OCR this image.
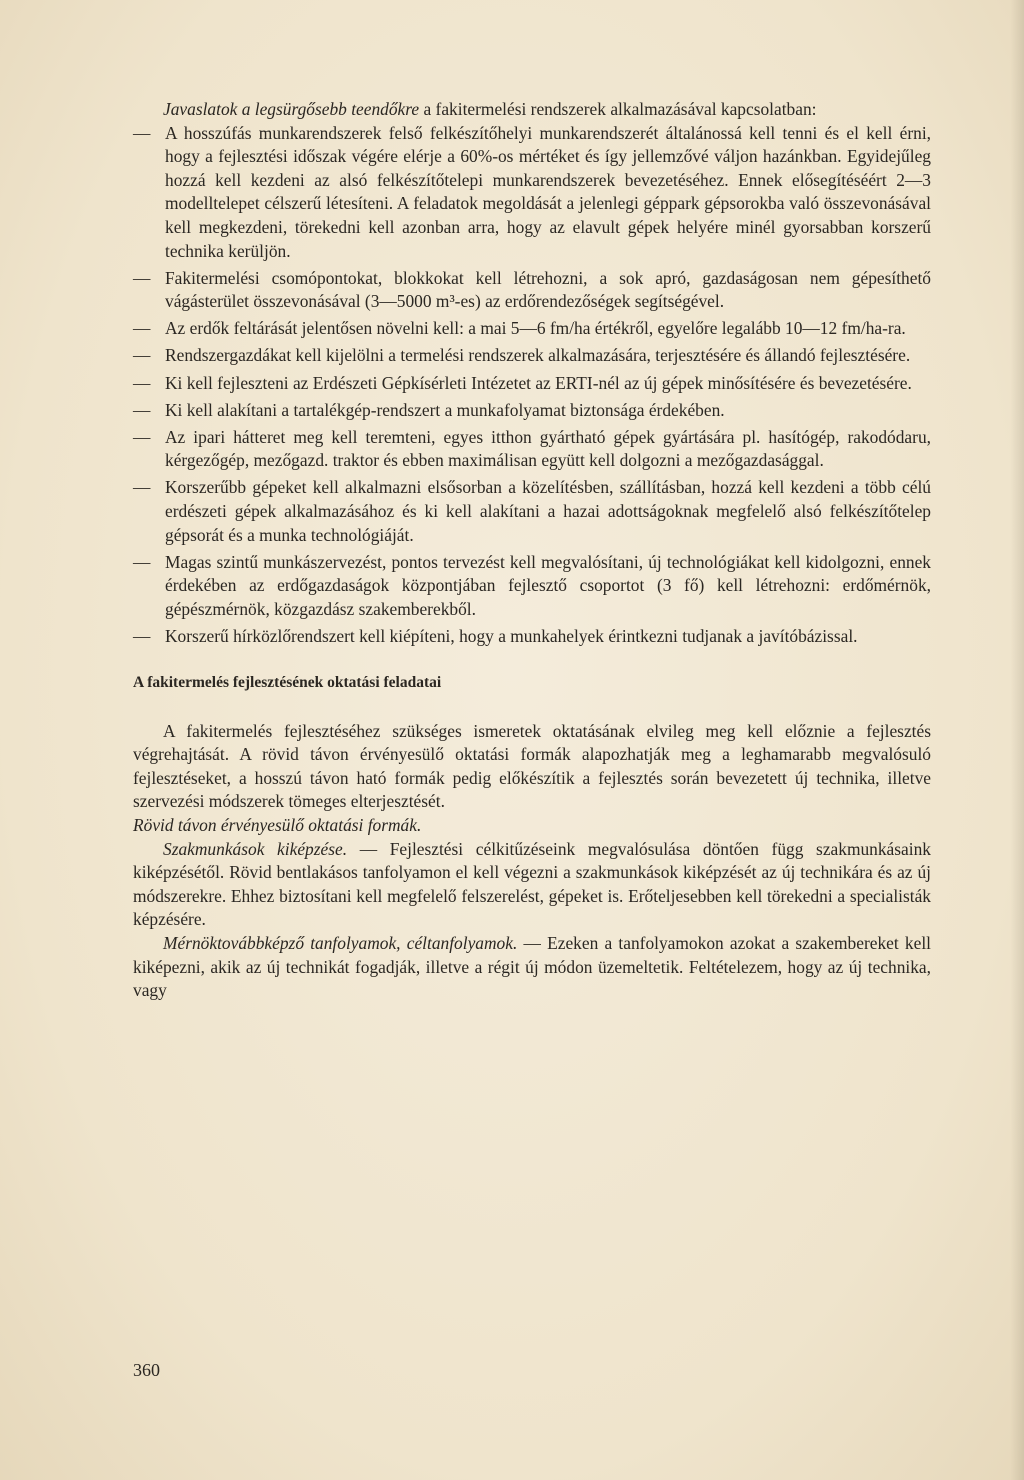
Javaslatok a legsürgősebb teendőkre a fakitermelési rendszerek alkalmazásával kapcsolatban:

— A hosszúfás munkarendszerek felső felkészítőhelyi munkarendszerét általánossá kell tenni és el kell érni, hogy a fejlesztési időszak végére elérje a 60%-os mértéket és így jellemzővé váljon hazánkban. Egyidejűleg hozzá kell kezdeni az alsó felkészítőtelepi munkarendszerek bevezetéséhez. Ennek elősegítéséért 2—3 modelltelepet célszerű létesíteni. A feladatok megoldását a jelenlegi géppark gépsorokba való összevonásával kell megkezdeni, törekedni kell azonban arra, hogy az elavult gépek helyére minél gyorsabban korszerű technika kerüljön.
— Fakitermelési csomópontokat, blokkokat kell létrehozni, a sok apró, gazdaságosan nem gépesíthető vágásterület összevonásával (3—5000 m³-es) az erdőrendezőségek segítségével.
— Az erdők feltárását jelentősen növelni kell: a mai 5—6 fm/ha értékről, egyelőre legalább 10—12 fm/ha-ra.
— Rendszergazdákat kell kijelölni a termelési rendszerek alkalmazására, terjesztésére és állandó fejlesztésére.
— Ki kell fejleszteni az Erdészeti Gépkísérleti Intézetet az ERTI-nél az új gépek minősítésére és bevezetésére.
— Ki kell alakítani a tartalékgép-rendszert a munkafolyamat biztonsága érdekében.
— Az ipari hátteret meg kell teremteni, egyes itthon gyártható gépek gyártására pl. hasítógép, rakodódaru, kérgezőgép, mezőgazd. traktor és ebben maximálisan együtt kell dolgozni a mezőgazdasággal.
— Korszerűbb gépeket kell alkalmazni elsősorban a közelítésben, szállításban, hozzá kell kezdeni a több célú erdészeti gépek alkalmazásához és ki kell alakítani a hazai adottságoknak megfelelő alsó felkészítőtelep gépsorát és a munka technológiáját.
— Magas szintű munkászervezést, pontos tervezést kell megvalósítani, új technológiákat kell kidolgozni, ennek érdekében az erdőgazdaságok központjában fejlesztő csoportot (3 fő) kell létrehozni: erdőmérnök, gépészmérnök, közgazdász szakemberekből.
— Korszerű hírközlőrendszert kell kiépíteni, hogy a munkahelyek érintkezni tudjanak a javítóbázissal.

A fakitermelés fejlesztésének oktatási feladatai

A fakitermelés fejlesztéséhez szükséges ismeretek oktatásának elvileg meg kell előznie a fejlesztés végrehajtását. A rövid távon érvényesülő oktatási formák alapozhatják meg a leghamarabb megvalósuló fejlesztéseket, a hosszú távon ható formák pedig előkészítik a fejlesztés során bevezetett új technika, illetve szervezési módszerek tömeges elterjesztését.

Rövid távon érvényesülő oktatási formák.

Szakmunkások kiképzése. — Fejlesztési célkitűzéseink megvalósulása döntően függ szakmunkásaink kiképzésétől. Rövid bentlakásos tanfolyamon el kell végezni a szakmunkások kiképzését az új technikára és az új módszerekre. Ehhez biztosítani kell megfelelő felszerelést, gépeket is. Erőteljesebben kell törekedni a specialisták képzésére.

Mérnöktovábbképző tanfolyamok, céltanfolyamok. — Ezeken a tanfolyamokon azokat a szakembereket kell kiképezni, akik az új technikát fogadják, illetve a régit új módon üzemeltetik. Feltételezem, hogy az új technika, vagy

360
